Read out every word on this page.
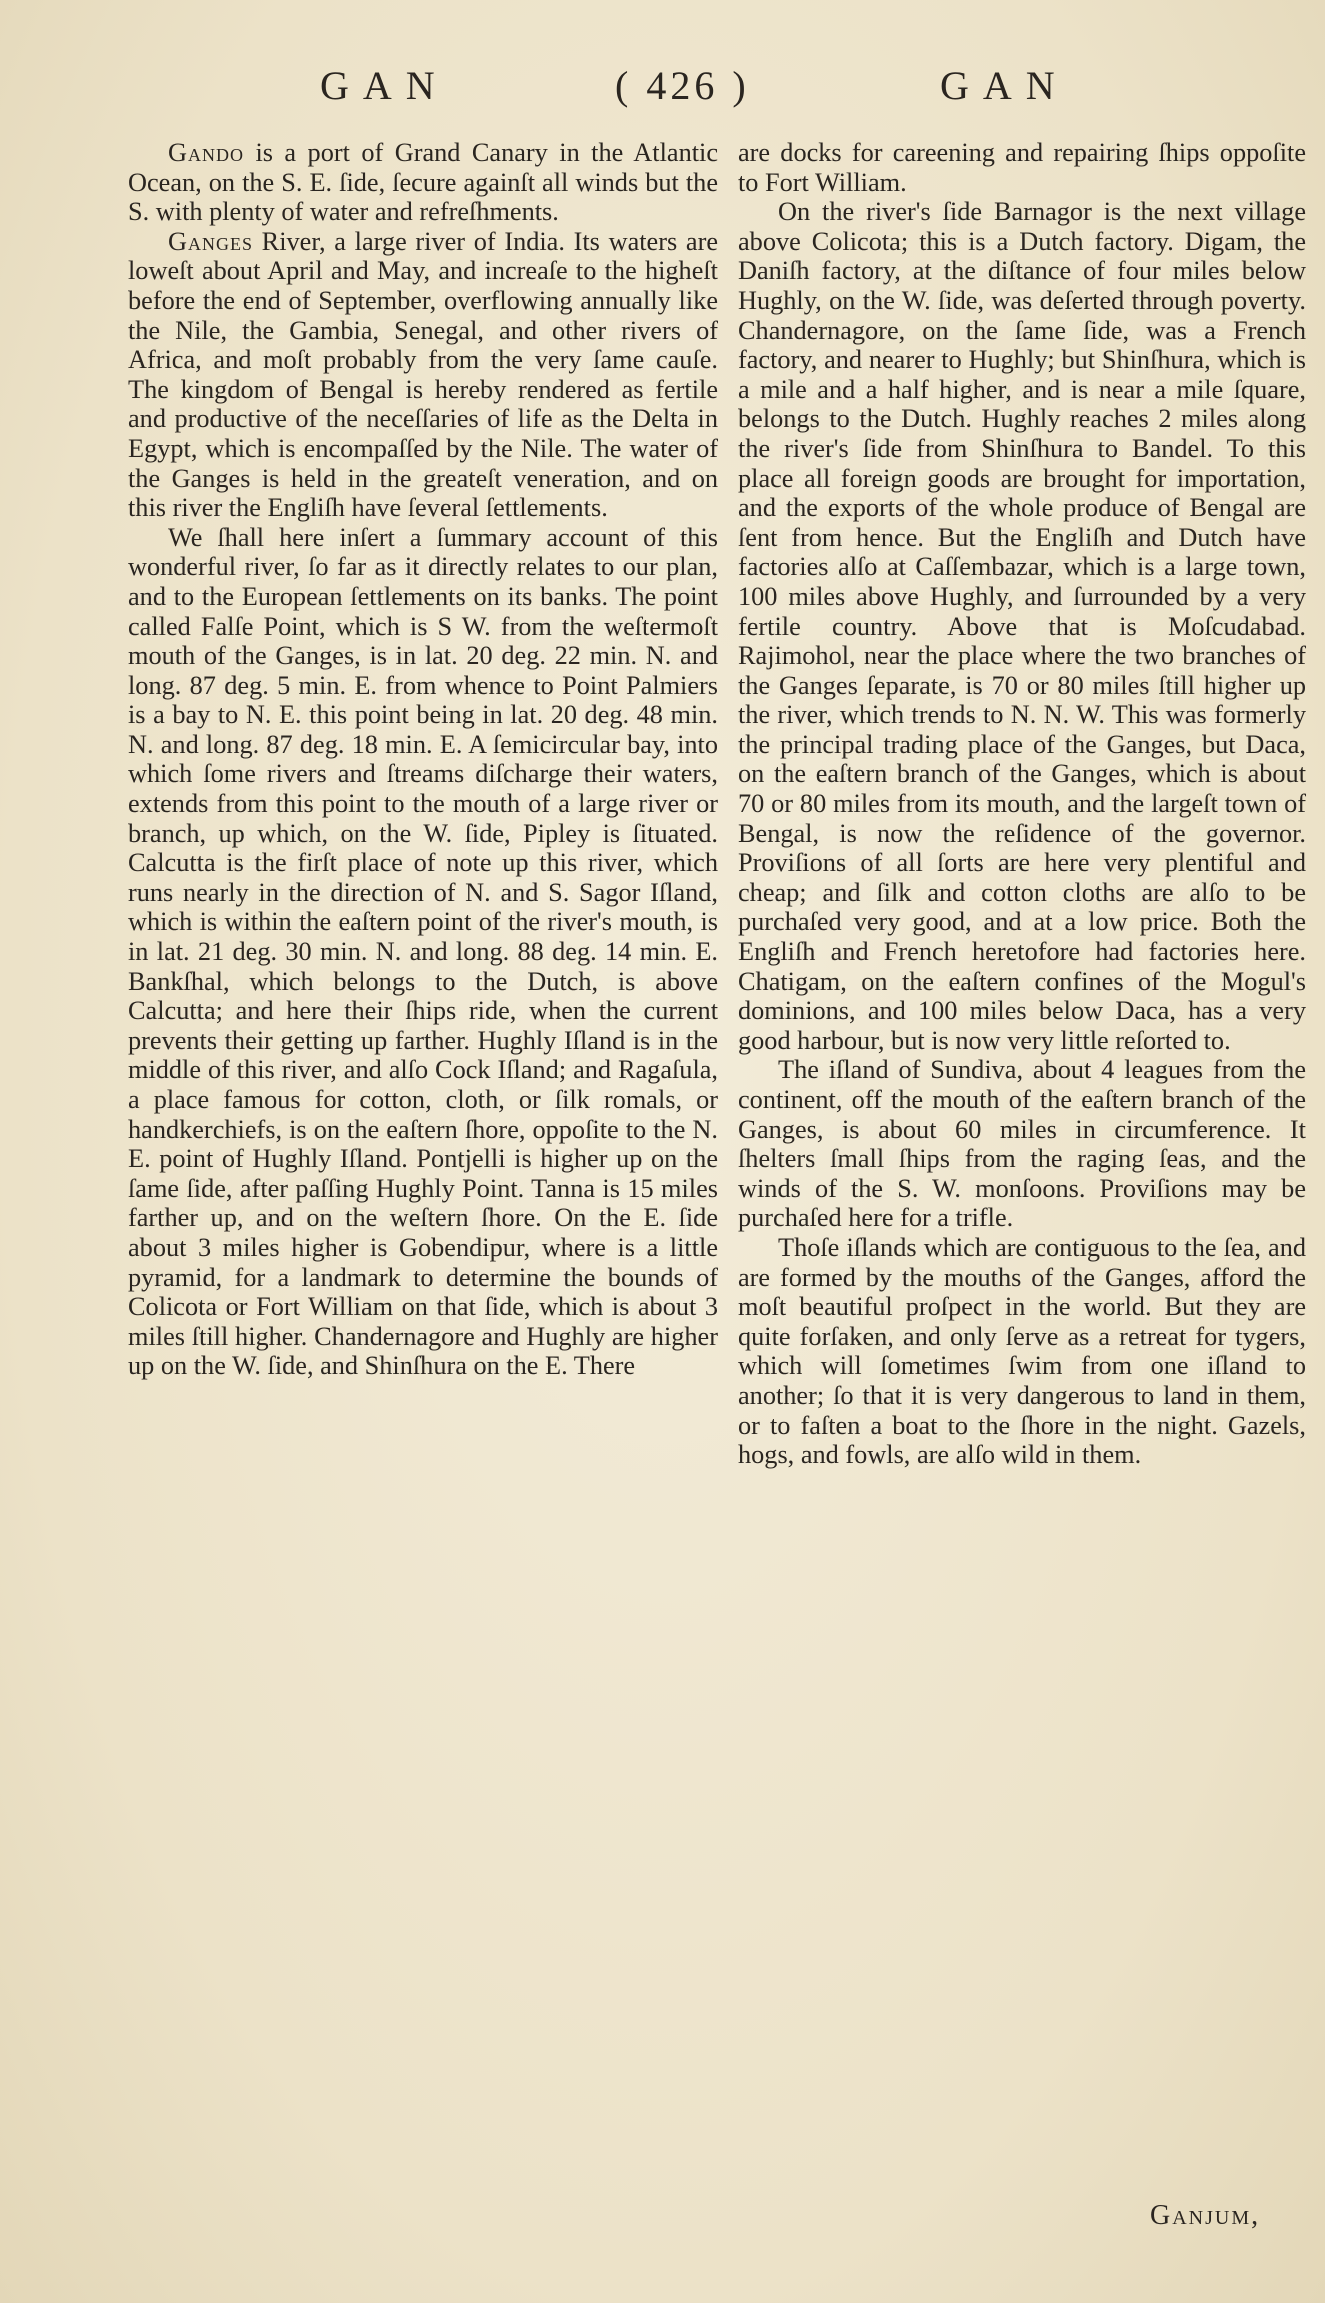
GAN	( 426 )	GAN

Gando is a port of Grand Canary in the Atlantic Ocean, on the S. E. ſide, ſecure againſt all winds but the S. with plenty of water and refreſhments.

Ganges River, a large river of India. Its waters are loweſt about April and May, and increaſe to the higheſt before the end of September, overflowing annually like the Nile, the Gambia, Senegal, and other rivers of Africa, and moſt probably from the very ſame cauſe. The kingdom of Bengal is hereby rendered as fertile and productive of the neceſſaries of life as the Delta in Egypt, which is encompaſſed by the Nile. The water of the Ganges is held in the greateſt veneration, and on this river the Engliſh have ſeveral ſettlements.

We ſhall here inſert a ſummary account of this wonderful river, ſo far as it directly relates to our plan, and to the European ſettlements on its banks. The point called Falſe Point, which is S W. from the weſtermoſt mouth of the Ganges, is in lat. 20 deg. 22 min. N. and long. 87 deg. 5 min. E. from whence to Point Palmiers is a bay to N. E. this point being in lat. 20 deg. 48 min. N. and long. 87 deg. 18 min. E. A ſemicircular bay, into which ſome rivers and ſtreams diſcharge their waters, extends from this point to the mouth of a large river or branch, up which, on the W. ſide, Pipley is ſituated. Calcutta is the firſt place of note up this river, which runs nearly in the direction of N. and S. Sagor Iſland, which is within the eaſtern point of the river's mouth, is in lat. 21 deg. 30 min. N. and long. 88 deg. 14 min. E. Bankſhal, which belongs to the Dutch, is above Calcutta; and here their ſhips ride, when the current prevents their getting up farther. Hughly Iſland is in the middle of this river, and alſo Cock Iſland; and Ragaſula, a place famous for cotton, cloth, or ſilk romals, or handkerchiefs, is on the eaſtern ſhore, oppoſite to the N. E. point of Hughly Iſland. Pontjelli is higher up on the ſame ſide, after paſſing Hughly Point. Tanna is 15 miles farther up, and on the weſtern ſhore. On the E. ſide about 3 miles higher is Gobendipur, where is a little pyramid, for a landmark to determine the bounds of Colicota or Fort William on that ſide, which is about 3 miles ſtill higher. Chandernagore and Hughly are higher up on the W. ſide, and Shinſhura on the E. There

are docks for careening and repairing ſhips oppoſite to Fort William.

On the river's ſide Barnagor is the next village above Colicota; this is a Dutch factory. Digam, the Daniſh factory, at the diſtance of four miles below Hughly, on the W. ſide, was deſerted through poverty. Chandernagore, on the ſame ſide, was a French factory, and nearer to Hughly; but Shinſhura, which is a mile and a half higher, and is near a mile ſquare, belongs to the Dutch. Hughly reaches 2 miles along the river's ſide from Shinſhura to Bandel. To this place all foreign goods are brought for importation, and the exports of the whole produce of Bengal are ſent from hence. But the Engliſh and Dutch have factories alſo at Caſſembazar, which is a large town, 100 miles above Hughly, and ſurrounded by a very fertile country. Above that is Moſcudabad. Rajimohol, near the place where the two branches of the Ganges ſeparate, is 70 or 80 miles ſtill higher up the river, which trends to N. N. W. This was formerly the principal trading place of the Ganges, but Daca, on the eaſtern branch of the Ganges, which is about 70 or 80 miles from its mouth, and the largeſt town of Bengal, is now the reſidence of the governor. Proviſions of all ſorts are here very plentiful and cheap; and ſilk and cotton cloths are alſo to be purchaſed very good, and at a low price. Both the Engliſh and French heretofore had factories here. Chatigam, on the eaſtern confines of the Mogul's dominions, and 100 miles below Daca, has a very good harbour, but is now very little reſorted to.

The iſland of Sundiva, about 4 leagues from the continent, off the mouth of the eaſtern branch of the Ganges, is about 60 miles in circumference. It ſhelters ſmall ſhips from the raging ſeas, and the winds of the S. W. monſoons. Proviſions may be purchaſed here for a trifle.

Thoſe iſlands which are contiguous to the ſea, and are formed by the mouths of the Ganges, afford the moſt beautiful proſpect in the world. But they are quite forſaken, and only ſerve as a retreat for tygers, which will ſometimes ſwim from one iſland to another; ſo that it is very dangerous to land in them, or to faſten a boat to the ſhore in the night. Gazels, hogs, and fowls, are alſo wild in them.

Ganjum,
